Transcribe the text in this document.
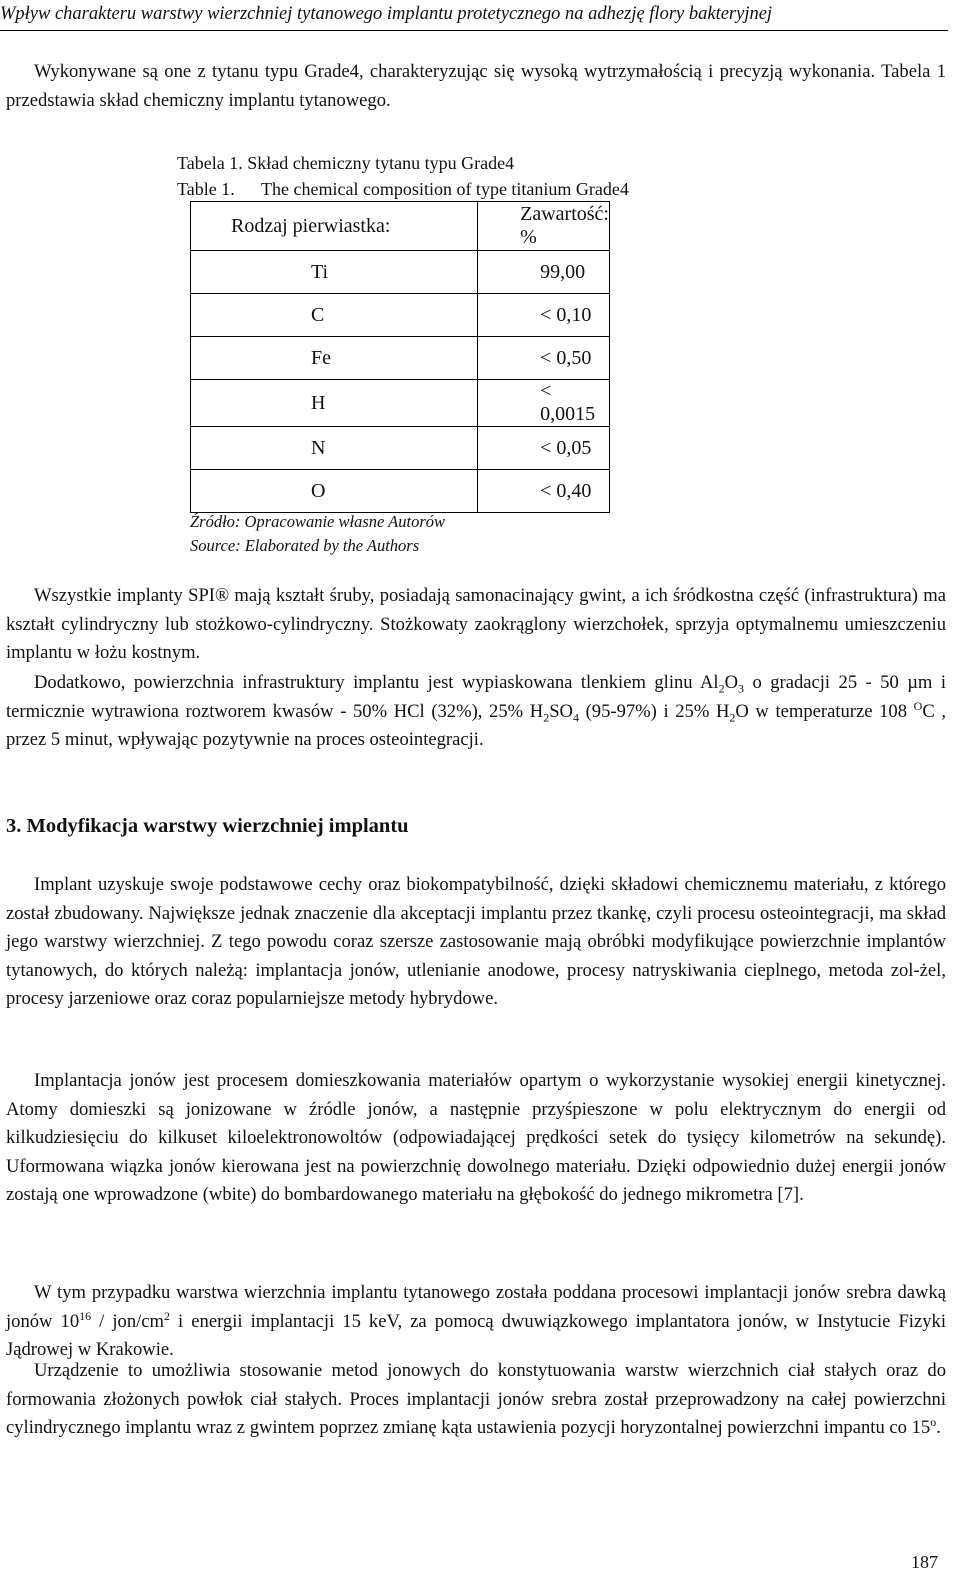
Wpływ charakteru warstwy wierzchniej tytanowego implantu protetycznego na adhezję flory bakteryjnej

Wykonywane są one z tytanu typu Grade4, charakteryzując się wysoką wytrzymałością i precyzją wykonania. Tabela 1 przedstawia skład chemiczny implantu tytanowego.

Tabela 1. Skład chemiczny tytanu typu Grade4
Table 1. The chemical composition of type titanium Grade4
Rodzaj pierwiastka:	Zawartość: %
Ti	99,00
C	< 0,10
Fe	< 0,50
H	< 0,0015
N	< 0,05
O	< 0,40
Źródło: Opracowanie własne Autorów
Source: Elaborated by the Authors

Wszystkie implanty SPI® mają kształt śruby, posiadają samonacinający gwint, a ich śródkostna część (infrastruktura) ma kształt cylindryczny lub stożkowo-cylindryczny. Stożkowaty zaokrąglony wierzchołek, sprzyja optymalnemu umieszczeniu implantu w łożu kostnym.

Dodatkowo, powierzchnia infrastruktury implantu jest wypiaskowana tlenkiem glinu $Al_2O_3$ o gradacji 25 - 50 µm i termicznie wytrawiona roztworem kwasów - 50% HCl (32%), 25% $H_2SO_4$ (95-97%) i 25% $H_2O$ w temperaturze 108 $^O$C , przez 5 minut, wpływając pozytywnie na proces osteointegracji.

3. Modyfikacja warstwy wierzchniej implantu

Implant uzyskuje swoje podstawowe cechy oraz biokompatybilność, dzięki składowi chemicznemu materiału, z którego został zbudowany. Największe jednak znaczenie dla akceptacji implantu przez tkankę, czyli procesu osteointegracji, ma skład jego warstwy wierzchniej. Z tego powodu coraz szersze zastosowanie mają obróbki modyfikujące powierzchnie implantów tytanowych, do których należą: implantacja jonów, utlenianie anodowe, procesy natryskiwania cieplnego, metoda zol-żel, procesy jarzeniowe oraz coraz popularniejsze metody hybrydowe.

Implantacja jonów jest procesem domieszkowania materiałów opartym o wykorzystanie wysokiej energii kinetycznej. Atomy domieszki są jonizowane w źródle jonów, a następnie przyśpieszone w polu elektrycznym do energii od kilkudziesięciu do kilkuset kiloelektronowoltów (odpowiadającej prędkości setek do tysięcy kilometrów na sekundę). Uformowana wiązka jonów kierowana jest na powierzchnię dowolnego materiału. Dzięki odpowiednio dużej energii jonów zostają one wprowadzone (wbite) do bombardowanego materiału na głębokość do jednego mikrometra [7].

W tym przypadku warstwa wierzchnia implantu tytanowego została poddana procesowi implantacji jonów srebra dawką jonów $10^{16} / jon/cm^2$ i energii implantacji 15 keV, za pomocą dwuwiązkowego implantatora jonów, w Instytucie Fizyki Jądrowej w Krakowie.

Urządzenie to umożliwia stosowanie metod jonowych do konstytuowania warstw wierzchnich ciał stałych oraz do formowania złożonych powłok ciał stałych. Proces implantacji jonów srebra został przeprowadzony na całej powierzchni cylindrycznego implantu wraz z gwintem poprzez zmianę kąta ustawienia pozycji horyzontalnej powierzchni impantu co 15$^o$.

187
